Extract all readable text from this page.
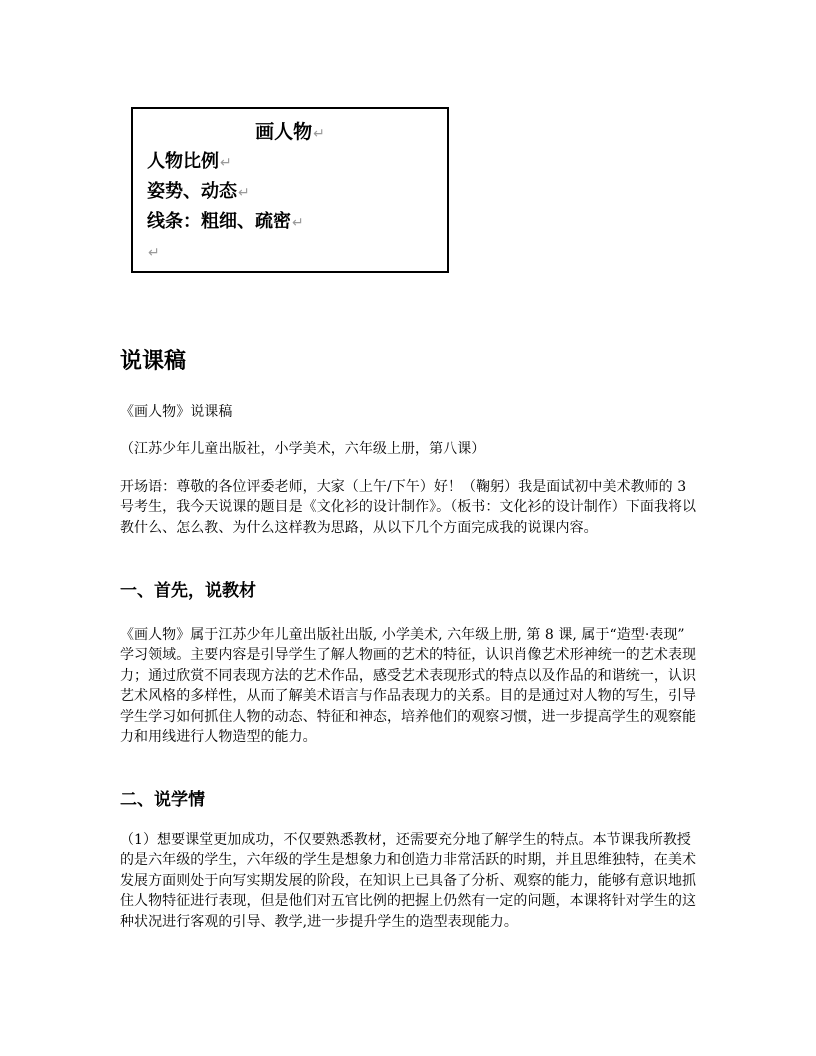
画人物↵
人物比例↵
姿势、动态↵
线条：粗细、疏密↵
↵
说课稿

《画人物》说课稿

（江苏少年儿童出版社，小学美术，六年级上册，第八课）

开场语：尊敬的各位评委老师，大家（上午/下午）好！（鞠躬）我是面试初中美术教师的 3 号考生，我今天说课的题目是《文化衫的设计制作》。（板书：文化衫的设计制作）下面我将以教什么、怎么教、为什么这样教为思路，从以下几个方面完成我的说课内容。

一、首先，说教材

《画人物》属于江苏少年儿童出版社出版, 小学美术, 六年级上册, 第 8 课, 属于“造型·表现” 学习领域。主要内容是引导学生了解人物画的艺术的特征，认识肖像艺术形神统一的艺术表现力；通过欣赏不同表现方法的艺术作品，感受艺术表现形式的特点以及作品的和谐统一，认识艺术风格的多样性，从而了解美术语言与作品表现力的关系。目的是通过对人物的写生，引导学生学习如何抓住人物的动态、特征和神态，培养他们的观察习惯，进一步提高学生的观察能力和用线进行人物造型的能力。

二、说学情

（1）想要课堂更加成功，不仅要熟悉教材，还需要充分地了解学生的特点。本节课我所教授的是六年级的学生，六年级的学生是想象力和创造力非常活跃的时期，并且思维独特，在美术发展方面则处于向写实期发展的阶段，在知识上已具备了分析、观察的能力，能够有意识地抓住人物特征进行表现，但是他们对五官比例的把握上仍然有一定的问题，本课将针对学生的这种状况进行客观的引导、教学,进一步提升学生的造型表现能力。
